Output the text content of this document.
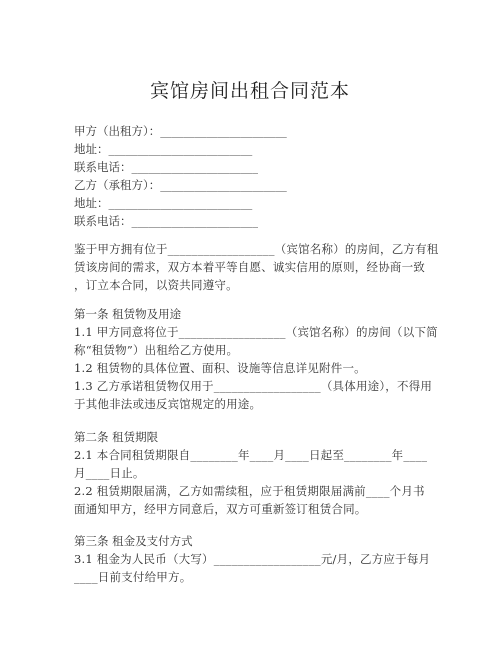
宾馆房间出租合同范本
甲方（出租方）：______________________
地址：_________________________
联系电话：______________________
乙方（承租方）：______________________
地址：_________________________
联系电话：______________________
鉴于甲方拥有位于__________________（宾馆名称）的房间，乙方有租
赁该房间的需求，双方本着平等自愿、诚实信用的原则，经协商一致
，订立本合同，以资共同遵守。
第一条 租赁物及用途
1.1 甲方同意将位于__________________（宾馆名称）的房间（以下简
称“租赁物”）出租给乙方使用。
1.2 租赁物的具体位置、面积、设施等信息详见附件一。
1.3 乙方承诺租赁物仅用于__________________（具体用途），不得用
于其他非法或违反宾馆规定的用途。
第二条 租赁期限
2.1 本合同租赁期限自________年____月____日起至________年____
月____日止。
2.2 租赁期限届满，乙方如需续租，应于租赁期限届满前____个月书
面通知甲方，经甲方同意后，双方可重新签订租赁合同。
第三条 租金及支付方式
3.1 租金为人民币（大写）__________________元/月，乙方应于每月
____日前支付给甲方。
